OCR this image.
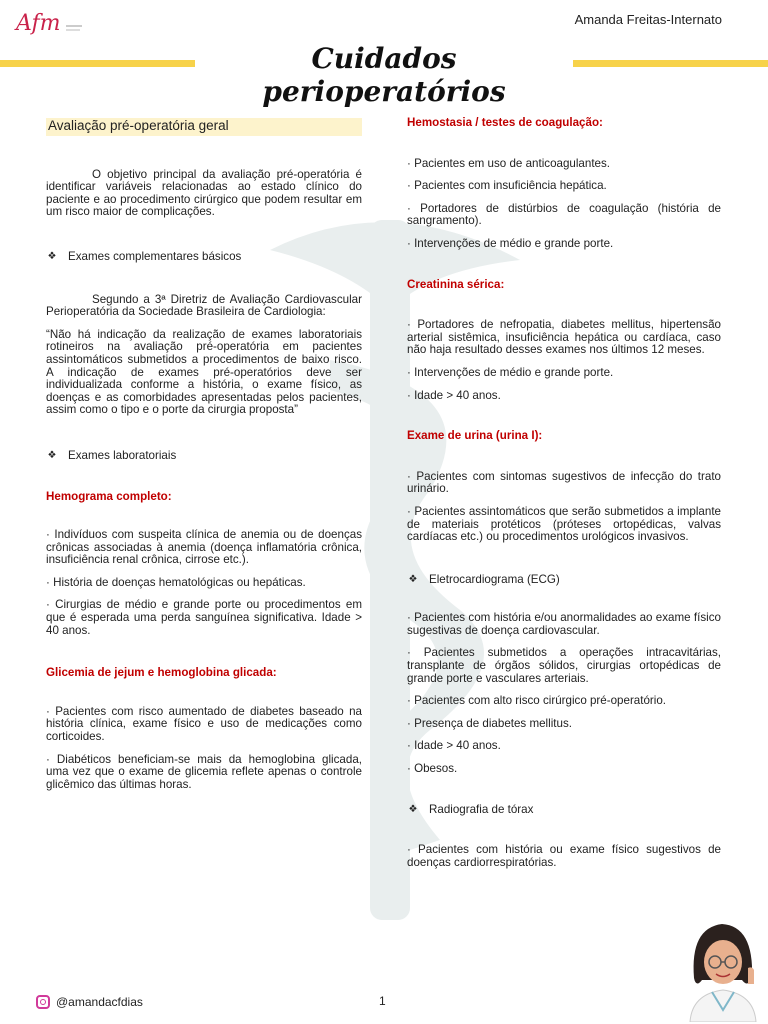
Afm	Amanda Freitas-Internato
Cuidados perioperatórios
Avaliação pré-operatória geral

O objetivo principal da avaliação pré-operatória é identificar variáveis relacionadas ao estado clínico do paciente e ao procedimento cirúrgico que podem resultar em um risco maior de complicações.

❖ Exames complementares básicos

Segundo a 3ª Diretriz de Avaliação Cardiovascular Perioperatória da Sociedade Brasileira de Cardiologia:

“Não há indicação da realização de exames laboratoriais rotineiros na avaliação pré-operatória em pacientes assintomáticos submetidos a procedimentos de baixo risco. A indicação de exames pré-operatórios deve ser individualizada conforme a história, o exame físico, as doenças e as comorbidades apresentadas pelos pacientes, assim como o tipo e o porte da cirurgia proposta”

❖ Exames laboratoriais

Hemograma completo:

· Indivíduos com suspeita clínica de anemia ou de doenças crônicas associadas à anemia (doença inflamatória crônica, insuficiência renal crônica, cirrose etc.).

· História de doenças hematológicas ou hepáticas.

· Cirurgias de médio e grande porte ou procedimentos em que é esperada uma perda sanguínea significativa. Idade > 40 anos.

Glicemia de jejum e hemoglobina glicada:

· Pacientes com risco aumentado de diabetes baseado na história clínica, exame físico e uso de medicações como corticoides.

· Diabéticos beneficiam-se mais da hemoglobina glicada, uma vez que o exame de glicemia reflete apenas o controle glicêmico das últimas horas.

Hemostasia / testes de coagulação:

· Pacientes em uso de anticoagulantes.

· Pacientes com insuficiência hepática.

· Portadores de distúrbios de coagulação (história de sangramento).

· Intervenções de médio e grande porte.

Creatinina sérica:

· Portadores de nefropatia, diabetes mellitus, hipertensão arterial sistêmica, insuficiência hepática ou cardíaca, caso não haja resultado desses exames nos últimos 12 meses.

· Intervenções de médio e grande porte.

· Idade > 40 anos.

Exame de urina (urina I):

· Pacientes com sintomas sugestivos de infecção do trato urinário.

· Pacientes assintomáticos que serão submetidos a implante de materiais protéticos (próteses ortopédicas, valvas cardíacas etc.) ou procedimentos urológicos invasivos.

❖ Eletrocardiograma (ECG)

· Pacientes com história e/ou anormalidades ao exame físico sugestivas de doença cardiovascular.

· Pacientes submetidos a operações intracavitárias, transplante de órgãos sólidos, cirurgias ortopédicas de grande porte e vasculares arteriais.

· Pacientes com alto risco cirúrgico pré-operatório.

· Presença de diabetes mellitus.

· Idade > 40 anos.

· Obesos.

❖ Radiografia de tórax

· Pacientes com história ou exame físico sugestivos de doenças cardiorrespiratórias.

@amandacfdias	1
